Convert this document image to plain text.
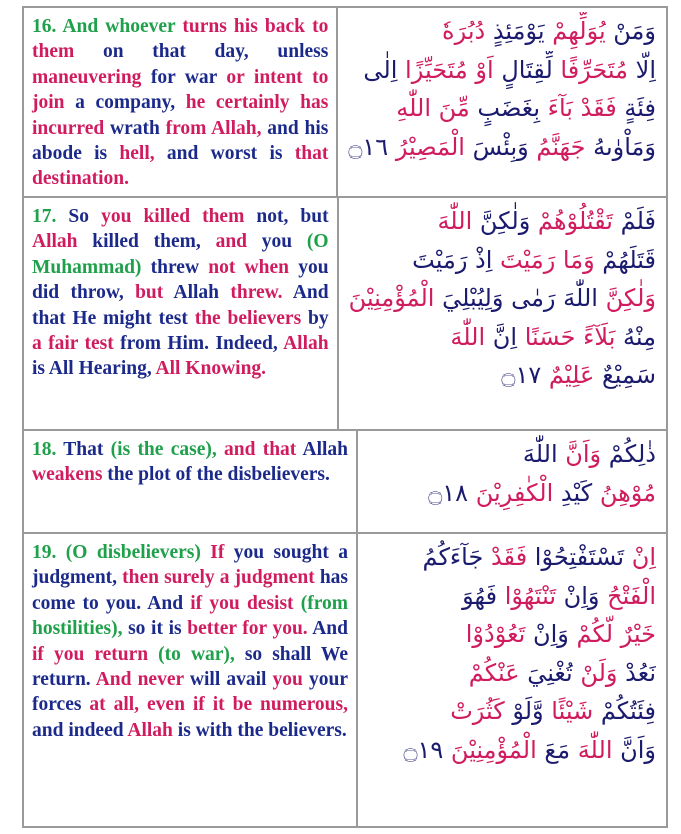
16. And whoever turns his back to them on that day, unless maneuvering for war or intent to join a company, he certainly has incurred wrath from Allah, and his abode is hell, and worst is that destination.
وَمَنْ يُوَلِّهِمْ يَوْمَئِذٍ دُبُرَهٗ
اِلَّا مُتَحَرِّفًا لِّقِتَالٍ اَوْ مُتَحَيِّزًا اِلٰى
فِئَةٍ فَقَدْ بَآءَ بِغَضَبٍ مِّنَ اللّٰهِ
وَمَاْوٰىهُ جَهَنَّمُ وَبِئْسَ الْمَصِيْرُ ۝١٦
17. So you killed them not, but Allah killed them, and you (O Muhammad) threw not when you did throw, but Allah threw. And that He might test the believers by a fair test from Him. Indeed, Allah is All Hearing, All Knowing.
فَلَمْ تَقْتُلُوْهُمْ وَلٰكِنَّ اللّٰهَ
قَتَلَهُمْ وَمَا رَمَيْتَ اِذْ رَمَيْتَ
وَلٰكِنَّ اللّٰهَ رَمٰى وَلِيُبْلِيَ الْمُؤْمِنِيْنَ
مِنْهُ بَلَآءً حَسَنًا اِنَّ اللّٰهَ
سَمِيْعٌ عَلِيْمٌ ۝١٧
18. That (is the case), and that Allah weakens the plot of the disbelievers.
ذٰلِكُمْ وَاَنَّ اللّٰهَ
مُوْهِنُ كَيْدِ الْكٰفِرِيْنَ ۝١٨
19. (O disbelievers) If you sought a judgment, then surely a judgment has come to you. And if you desist (from hostilities), so it is better for you. And if you return (to war), so shall We return. And never will avail you your forces at all, even if it be numerous, and indeed Allah is with the believers.
اِنْ تَسْتَفْتِحُوْا فَقَدْ جَآءَكُمُ
الْفَتْحُ وَاِنْ تَنْتَهُوْا فَهُوَ
خَيْرٌ لَّكُمْ وَاِنْ تَعُوْدُوْا
نَعُدْ وَلَنْ تُغْنِيَ عَنْكُمْ
فِئَتُكُمْ شَيْئًا وَّلَوْ كَثُرَتْ
وَاَنَّ اللّٰهَ مَعَ الْمُؤْمِنِيْنَ ۝١٩
